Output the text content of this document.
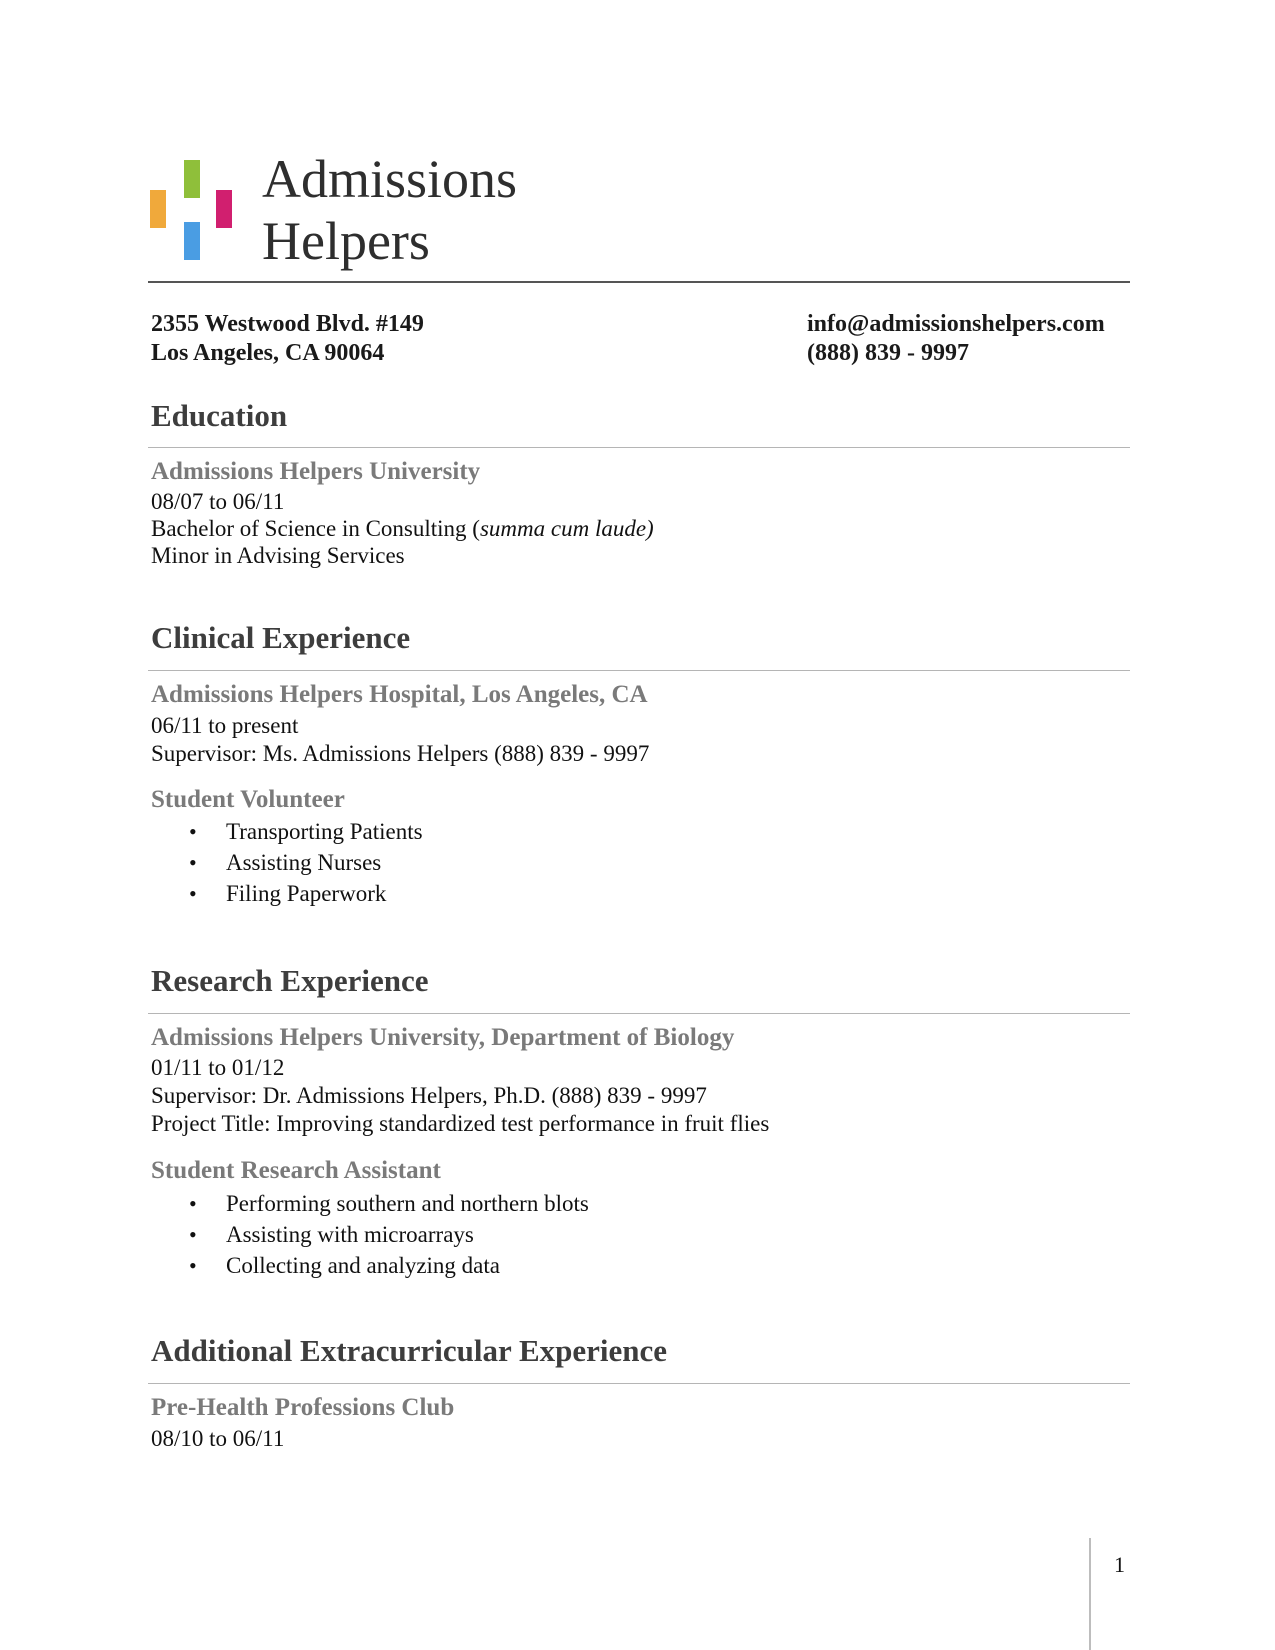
Admissions
Helpers
2355 Westwood Blvd. #149
Los Angeles, CA 90064
info@admissionshelpers.com
(888) 839 - 9997
Education
Admissions Helpers University
08/07 to 06/11
Bachelor of Science in Consulting (summa cum laude)
Minor in Advising Services
Clinical Experience
Admissions Helpers Hospital, Los Angeles, CA
06/11 to present
Supervisor: Ms. Admissions Helpers (888) 839 - 9997
Student Volunteer
• Transporting Patients
• Assisting Nurses
• Filing Paperwork
Research Experience
Admissions Helpers University, Department of Biology
01/11 to 01/12
Supervisor: Dr. Admissions Helpers, Ph.D. (888) 839 - 9997
Project Title: Improving standardized test performance in fruit flies
Student Research Assistant
• Performing southern and northern blots
• Assisting with microarrays
• Collecting and analyzing data
Additional Extracurricular Experience
Pre-Health Professions Club
08/10 to 06/11
1
